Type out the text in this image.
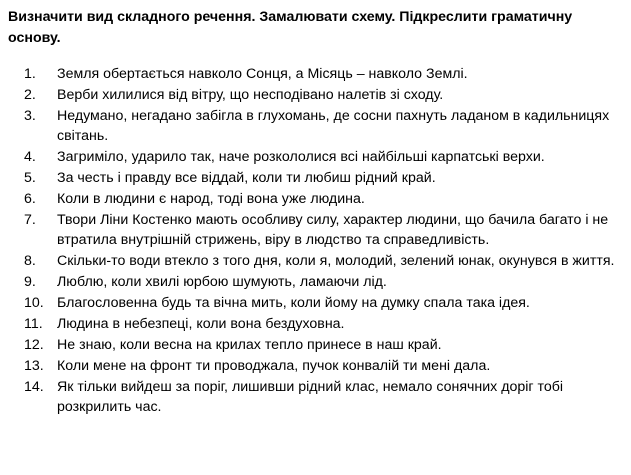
Визначити вид складного речення. Замалювати схему. Підкреслити граматичну основу.

1. Земля обертається навколо Сонця, а Місяць – навколо Землі.
2. Верби хилилися від вітру, що несподівано налетів зі сходу.
3. Недумано, негадано забігла в глухомань, де сосни пахнуть ладаном в кадильницях світань.
4. Загриміло, ударило так, наче розкололися всі найбільші карпатські верхи.
5. За честь і правду все віддай, коли ти любиш рідний край.
6. Коли в людини є народ, тоді вона уже людина.
7. Твори Ліни Костенко мають особливу силу, характер людини, що бачила багато і не втратила внутрішній стрижень, віру в людство та справедливість.
8. Скільки-то води втекло з того дня, коли я, молодий, зелений юнак, окунувся в життя.
9. Люблю, коли хвилі юрбою шумують, ламаючи лід.
10. Благословенна будь та вічна мить, коли йому на думку спала така ідея.
11. Людина в небезпеці, коли вона бездуховна.
12. Не знаю, коли весна на крилах тепло принесе в наш край.
13. Коли мене на фронт ти проводжала, пучок конвалій ти мені дала.
14. Як тільки вийдеш за поріг, лишивши рідний клас, немало сонячних доріг тобі розкрилить час.
